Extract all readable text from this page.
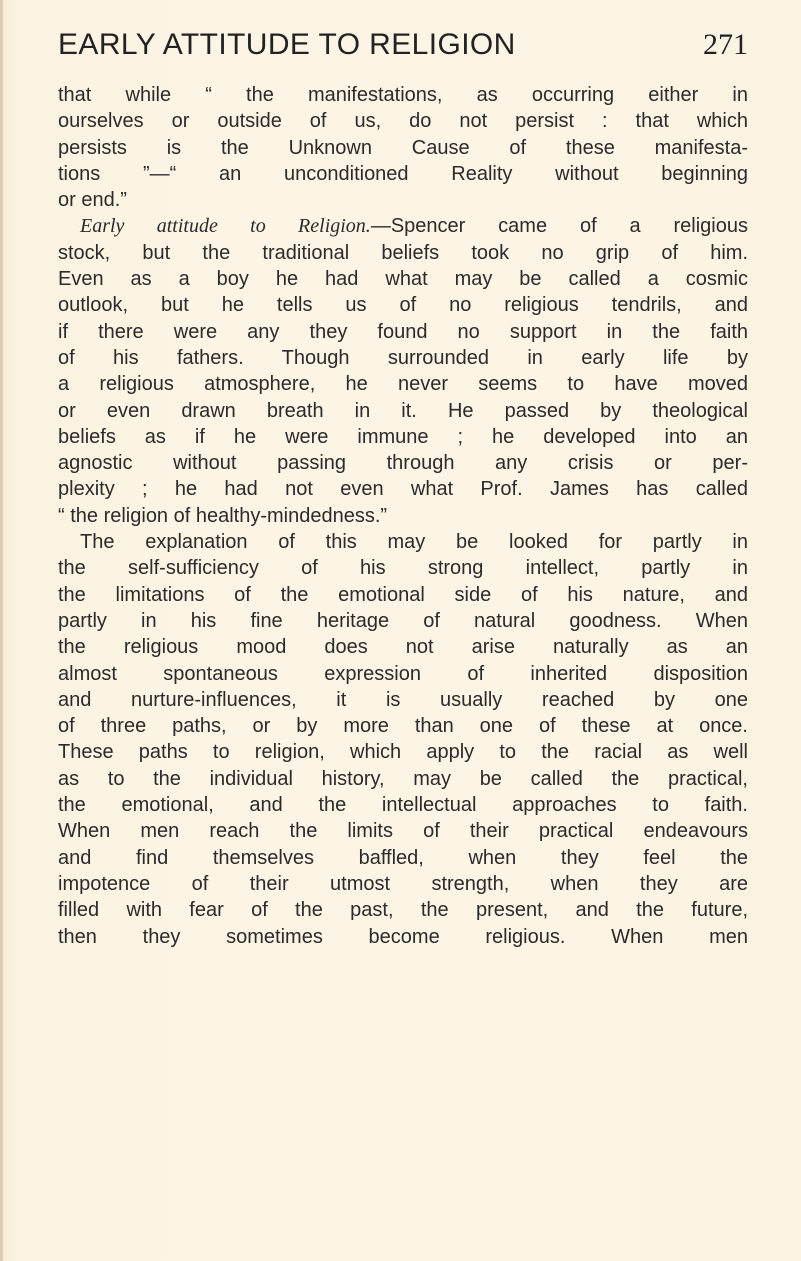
EARLY ATTITUDE TO RELIGION	271

that while “ the manifestations, as occurring either in
ourselves or outside of us, do not persist : that which
persists is the Unknown Cause of these manifesta-
tions ”—“ an unconditioned Reality without beginning
or end.”

Early attitude to Religion.—Spencer came of a religious
stock, but the traditional beliefs took no grip of him.
Even as a boy he had what may be called a cosmic
outlook, but he tells us of no religious tendrils, and
if there were any they found no support in the faith
of his fathers. Though surrounded in early life by
a religious atmosphere, he never seems to have moved
or even drawn breath in it. He passed by theological
beliefs as if he were immune ; he developed into an
agnostic without passing through any crisis or per-
plexity ; he had not even what Prof. James has called
“ the religion of healthy-mindedness.”

The explanation of this may be looked for partly in
the self-sufficiency of his strong intellect, partly in
the limitations of the emotional side of his nature, and
partly in his fine heritage of natural goodness. When
the religious mood does not arise naturally as an
almost spontaneous expression of inherited disposition
and nurture-influences, it is usually reached by one
of three paths, or by more than one of these at once.
These paths to religion, which apply to the racial as well
as to the individual history, may be called the practical,
the emotional, and the intellectual approaches to faith.
When men reach the limits of their practical endeavours
and find themselves baffled, when they feel the
impotence of their utmost strength, when they are
filled with fear of the past, the present, and the future,
then they sometimes become religious. When men
